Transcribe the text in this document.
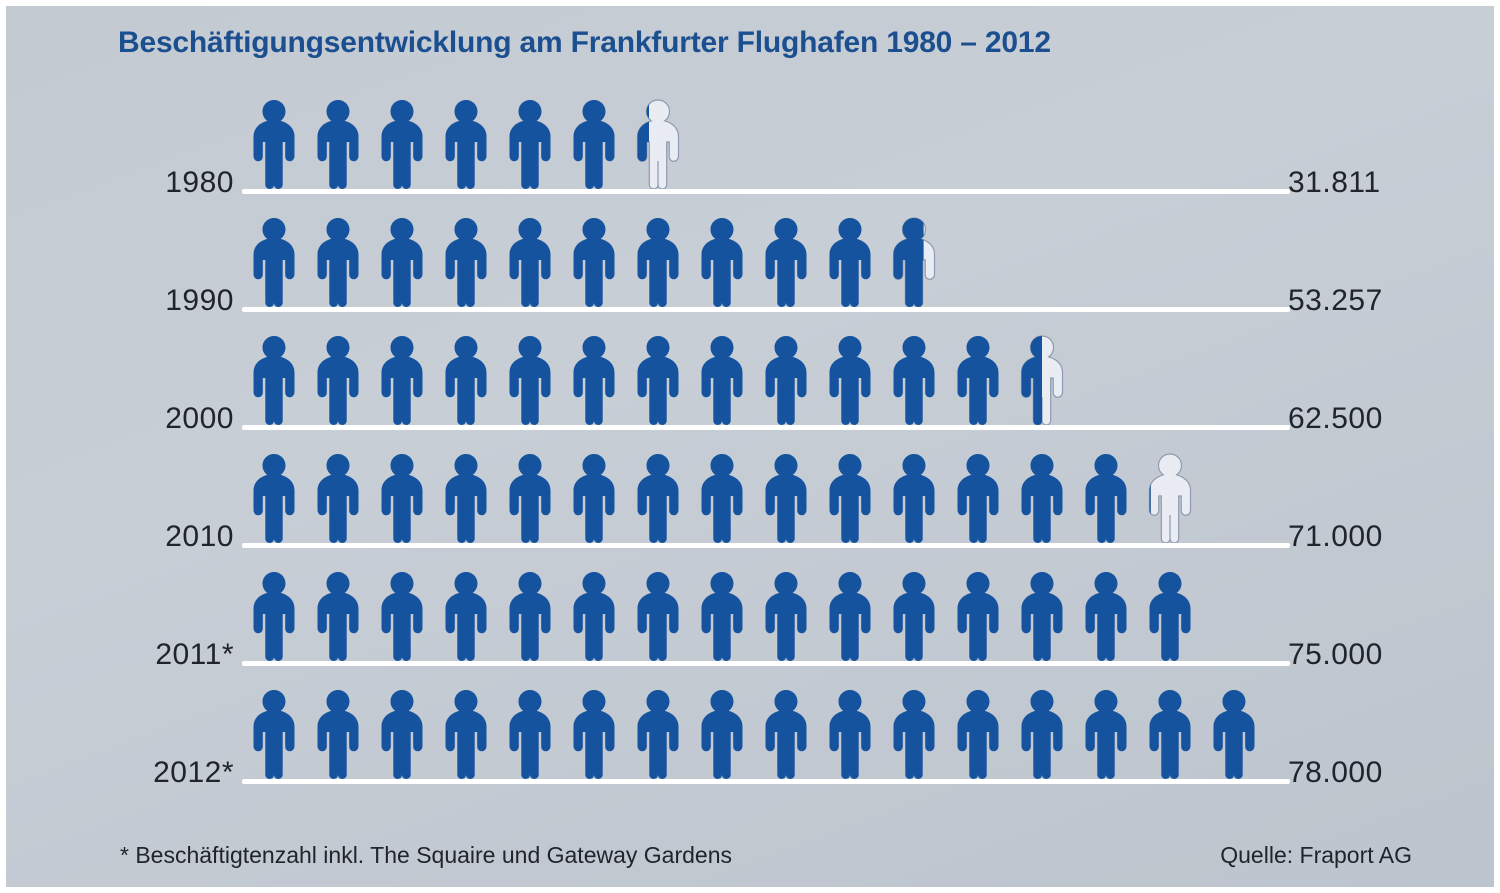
Beschäftigungsentwicklung am Frankfurter Flughafen 1980 – 2012
1980	31.811
1990	53.257
2000	62.500
2010	71.000
2011*	75.000
2012*	78.000
* Beschäftigtenzahl inkl. The Squaire und Gateway Gardens	Quelle: Fraport AG
